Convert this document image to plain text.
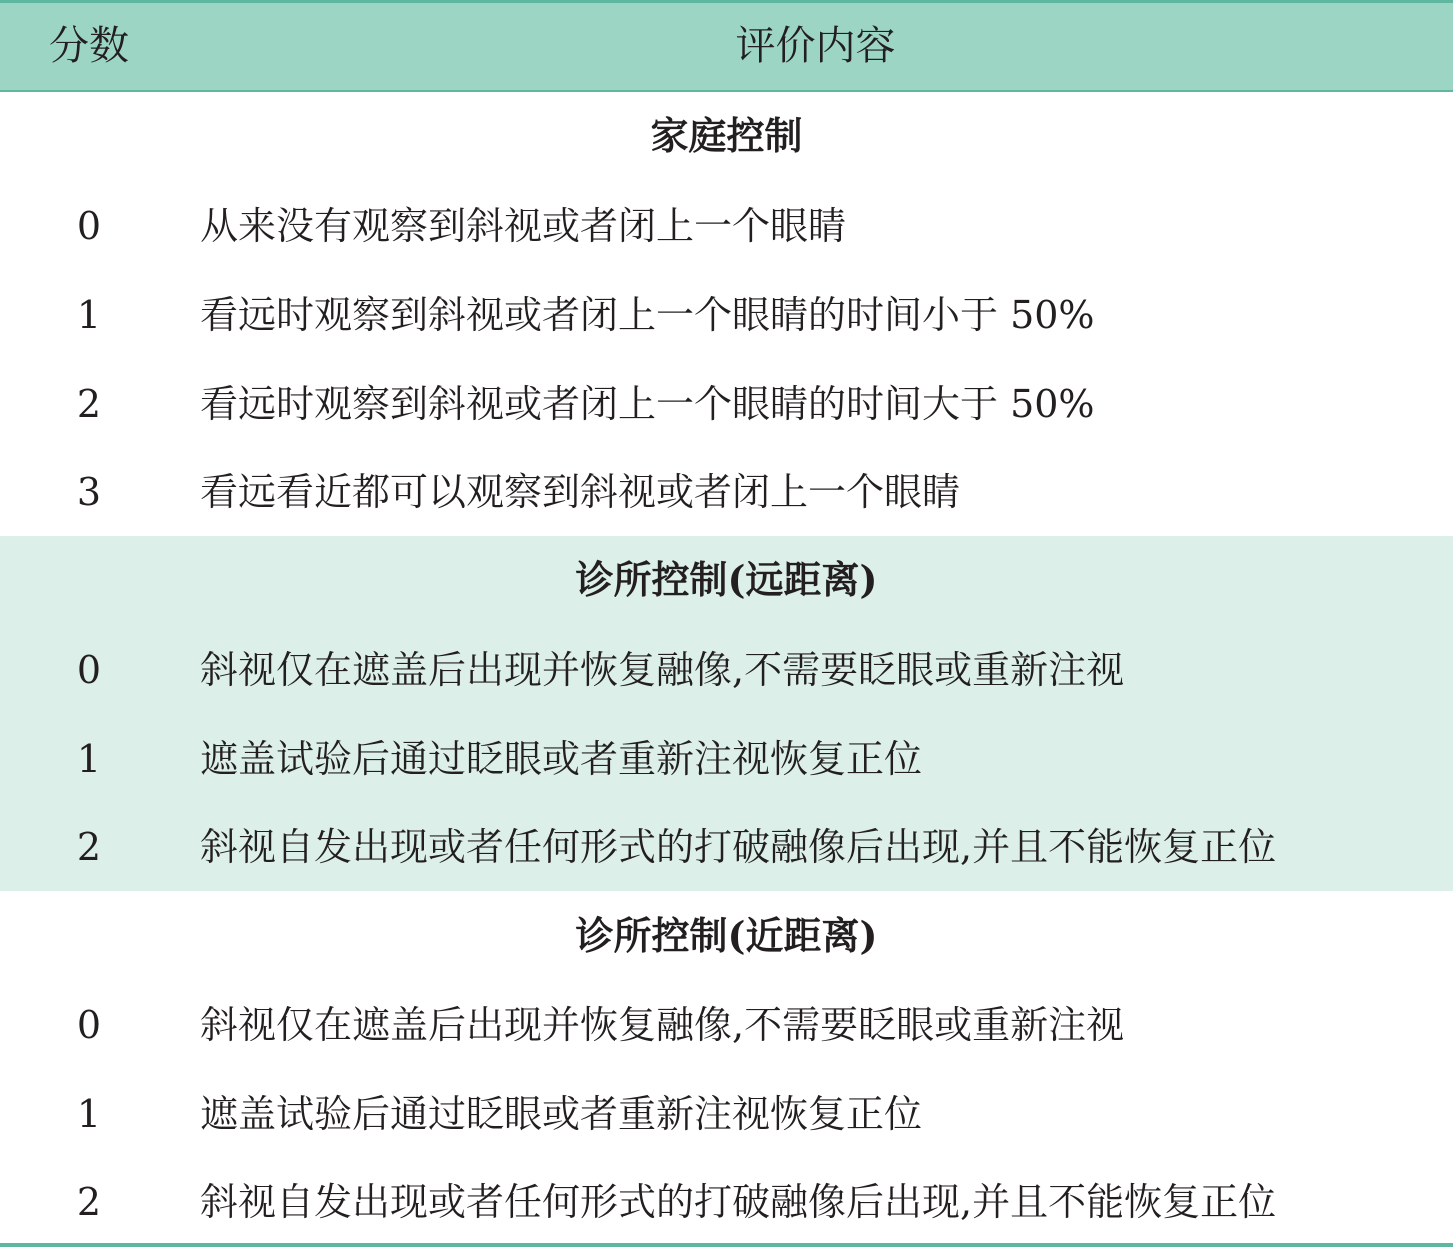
分数	评价内容
家庭控制
0	从来没有观察到斜视或者闭上一个眼睛
1	看远时观察到斜视或者闭上一个眼睛的时间小于 50%
2	看远时观察到斜视或者闭上一个眼睛的时间大于 50%
3	看远看近都可以观察到斜视或者闭上一个眼睛
诊所控制(远距离)
0	斜视仅在遮盖后出现并恢复融像,不需要眨眼或重新注视
1	遮盖试验后通过眨眼或者重新注视恢复正位
2	斜视自发出现或者任何形式的打破融像后出现,并且不能恢复正位
诊所控制(近距离)
0	斜视仅在遮盖后出现并恢复融像,不需要眨眼或重新注视
1	遮盖试验后通过眨眼或者重新注视恢复正位
2	斜视自发出现或者任何形式的打破融像后出现,并且不能恢复正位
